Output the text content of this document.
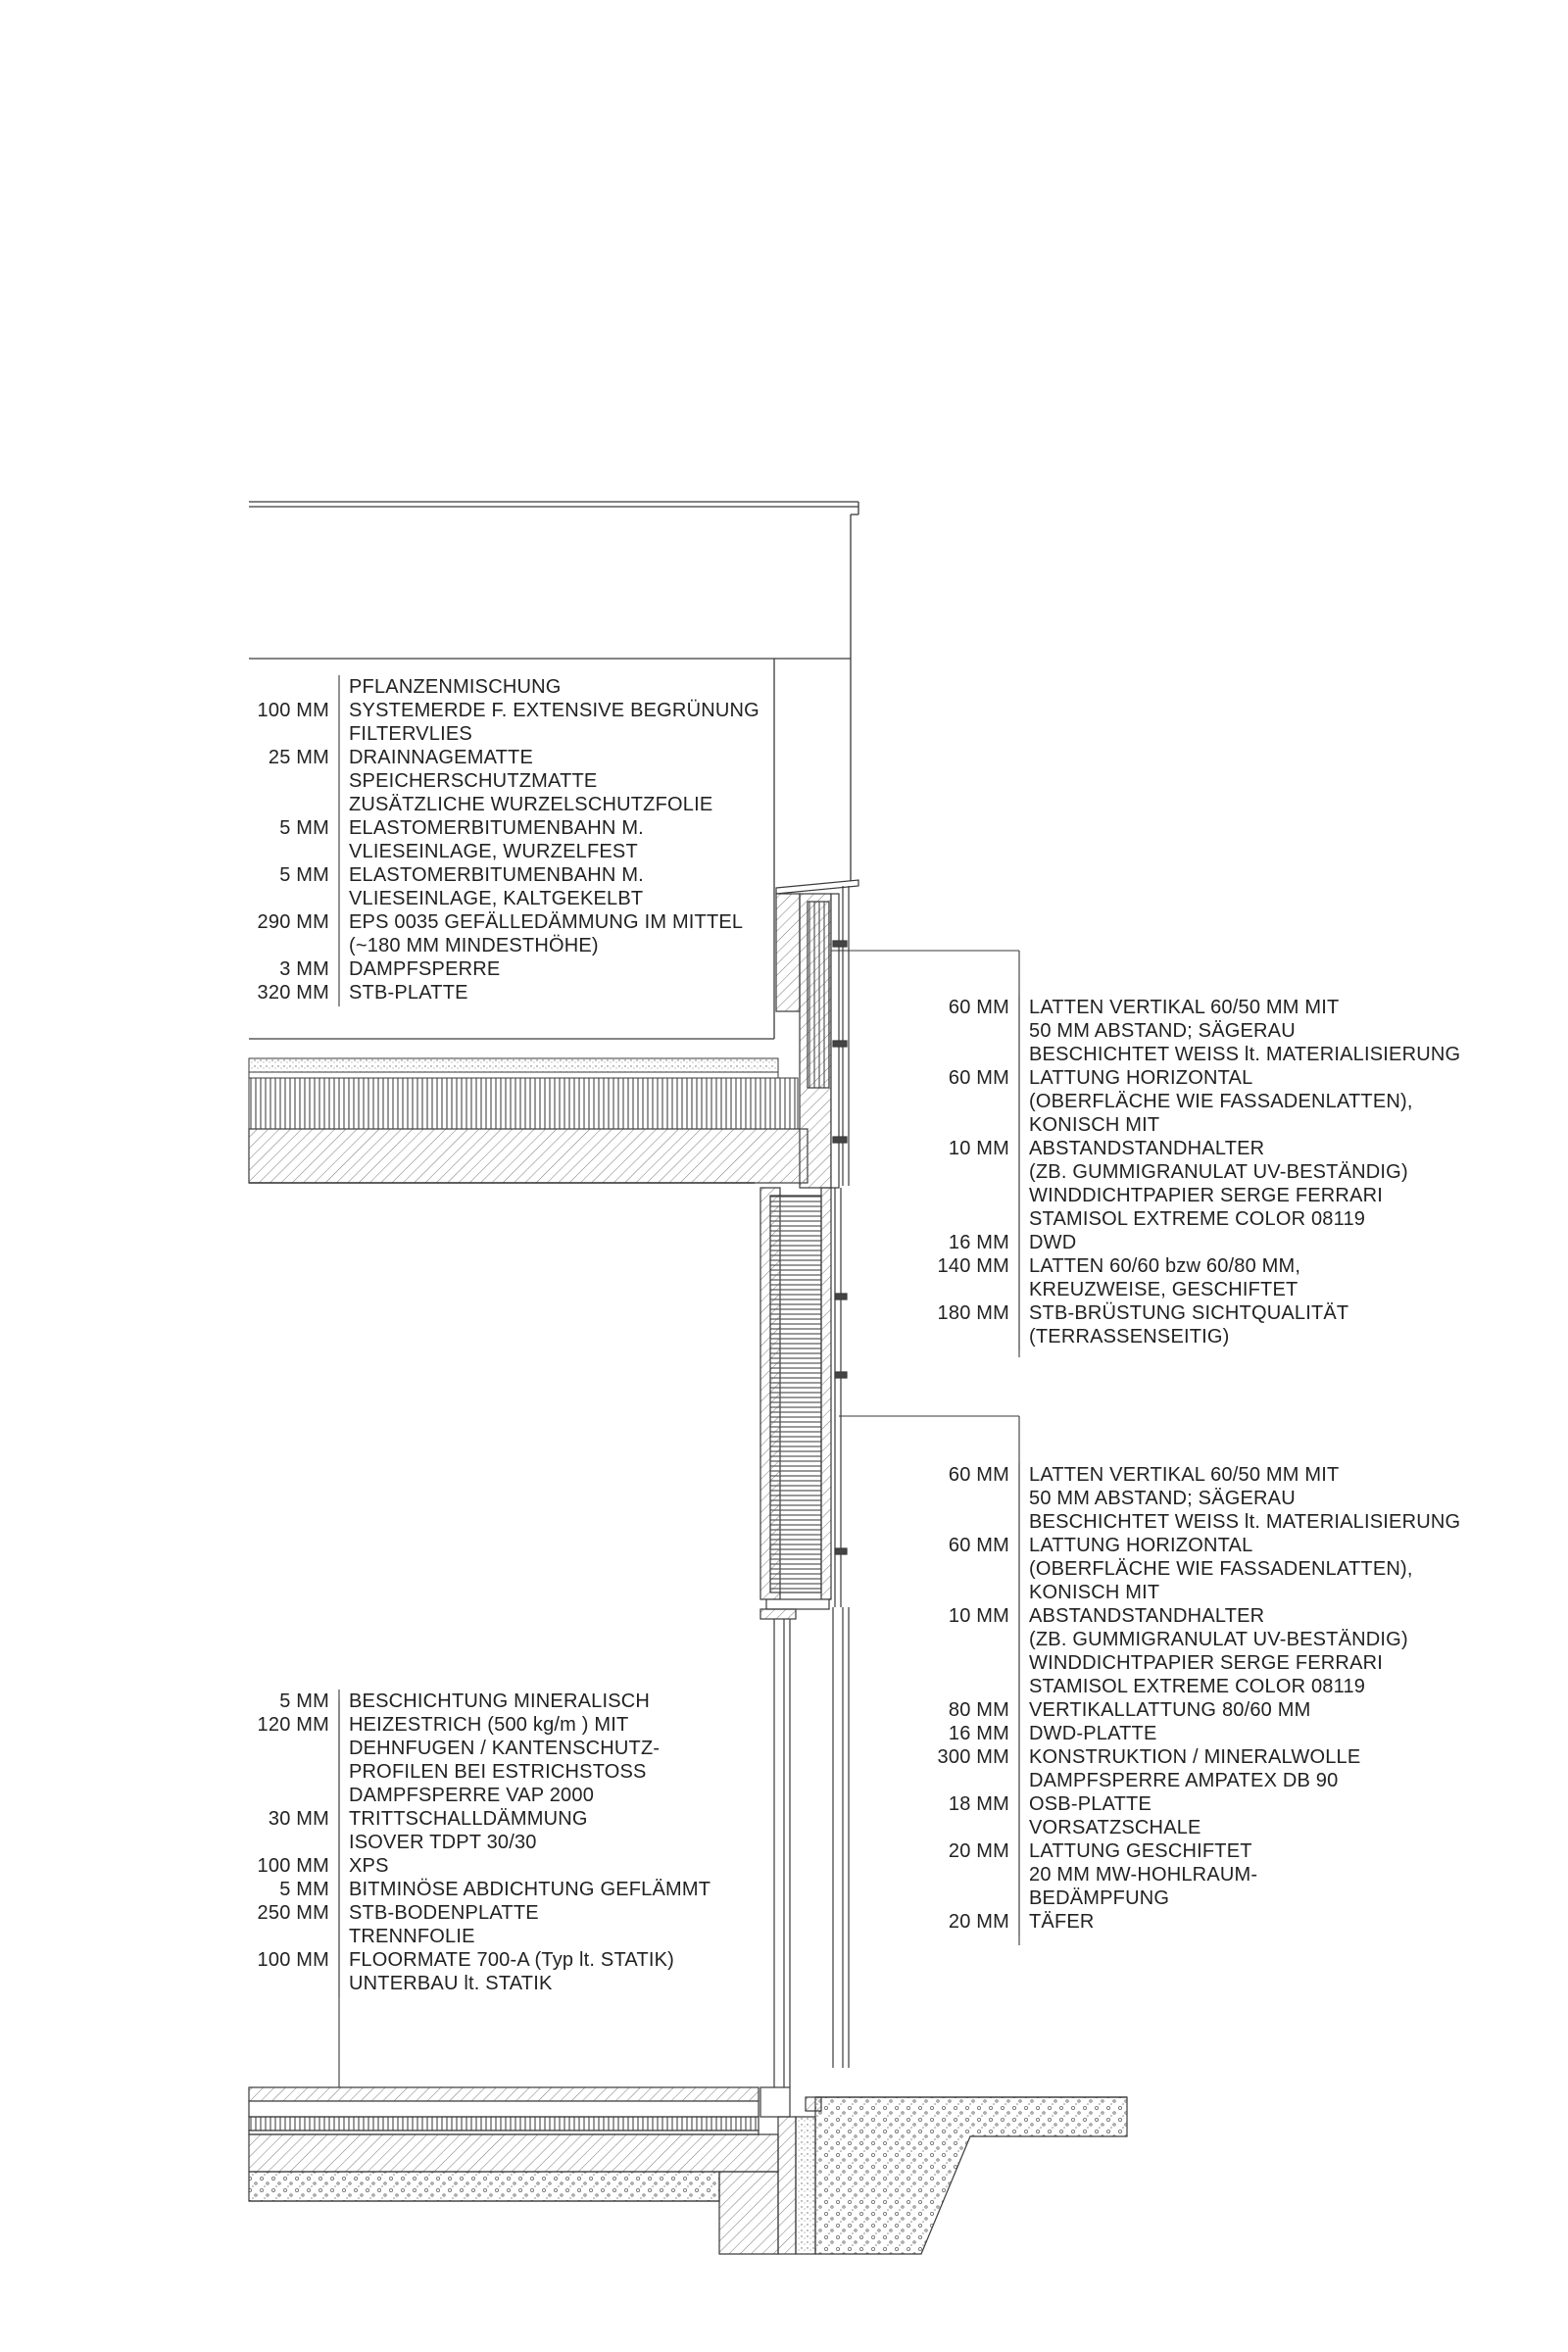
PFLANZENMISCHUNG
100 MM SYSTEMERDE F. EXTENSIVE BEGRÜNUNG
FILTERVLIES
25 MM DRAINNAGEMATTE
SPEICHERSCHUTZMATTE
ZUSÄTZLICHE WURZELSCHUTZFOLIE
5 MM ELASTOMERBITUMENBAHN M.
VLIESEINLAGE, WURZELFEST
5 MM ELASTOMERBITUMENBAHN M.
VLIESEINLAGE, KALTGEKELBT
290 MM EPS 0035 GEFÄLLEDÄMMUNG IM MITTEL
(~180 MM MINDESTHÖHE)
3 MM DAMPFSPERRE
320 MM STB-PLATTE
60 MM LATTEN VERTIKAL 60/50 MM MIT
50 MM ABSTAND; SÄGERAU
BESCHICHTET WEISS lt. MATERIALISIERUNG
60 MM LATTUNG HORIZONTAL
(OBERFLÄCHE WIE FASSADENLATTEN),
KONISCH MIT
10 MM ABSTANDSTANDHALTER
(ZB. GUMMIGRANULAT UV-BESTÄNDIG)
WINDDICHTPAPIER SERGE FERRARI
STAMISOL EXTREME COLOR 08119
16 MM DWD
140 MM LATTEN 60/60 bzw 60/80 MM,
KREUZWEISE, GESCHIFTET
180 MM STB-BRÜSTUNG SICHTQUALITÄT
(TERRASSENSEITIG)
60 MM LATTEN VERTIKAL 60/50 MM MIT
50 MM ABSTAND; SÄGERAU
BESCHICHTET WEISS lt. MATERIALISIERUNG
60 MM LATTUNG HORIZONTAL
(OBERFLÄCHE WIE FASSADENLATTEN),
KONISCH MIT
10 MM ABSTANDSTANDHALTER
(ZB. GUMMIGRANULAT UV-BESTÄNDIG)
WINDDICHTPAPIER SERGE FERRARI
STAMISOL EXTREME COLOR 08119
80 MM VERTIKALLATTUNG 80/60 MM
16 MM DWD-PLATTE
300 MM KONSTRUKTION / MINERALWOLLE
DAMPFSPERRE AMPATEX DB 90
18 MM OSB-PLATTE
VORSATZSCHALE
20 MM LATTUNG GESCHIFTET
20 MM MW-HOHLRAUM-
BEDÄMPFUNG
20 MM TÄFER
5 MM BESCHICHTUNG MINERALISCH
120 MM HEIZESTRICH (500 kg/m ) MIT
DEHNFUGEN / KANTENSCHUTZ-
PROFILEN BEI ESTRICHSTOSS
DAMPFSPERRE VAP 2000
30 MM TRITTSCHALLDÄMMUNG
ISOVER TDPT 30/30
100 MM XPS
5 MM BITMINÖSE ABDICHTUNG GEFLÄMMT
250 MM STB-BODENPLATTE
TRENNFOLIE
100 MM FLOORMATE 700-A (Typ lt. STATIK)
UNTERBAU lt. STATIK
